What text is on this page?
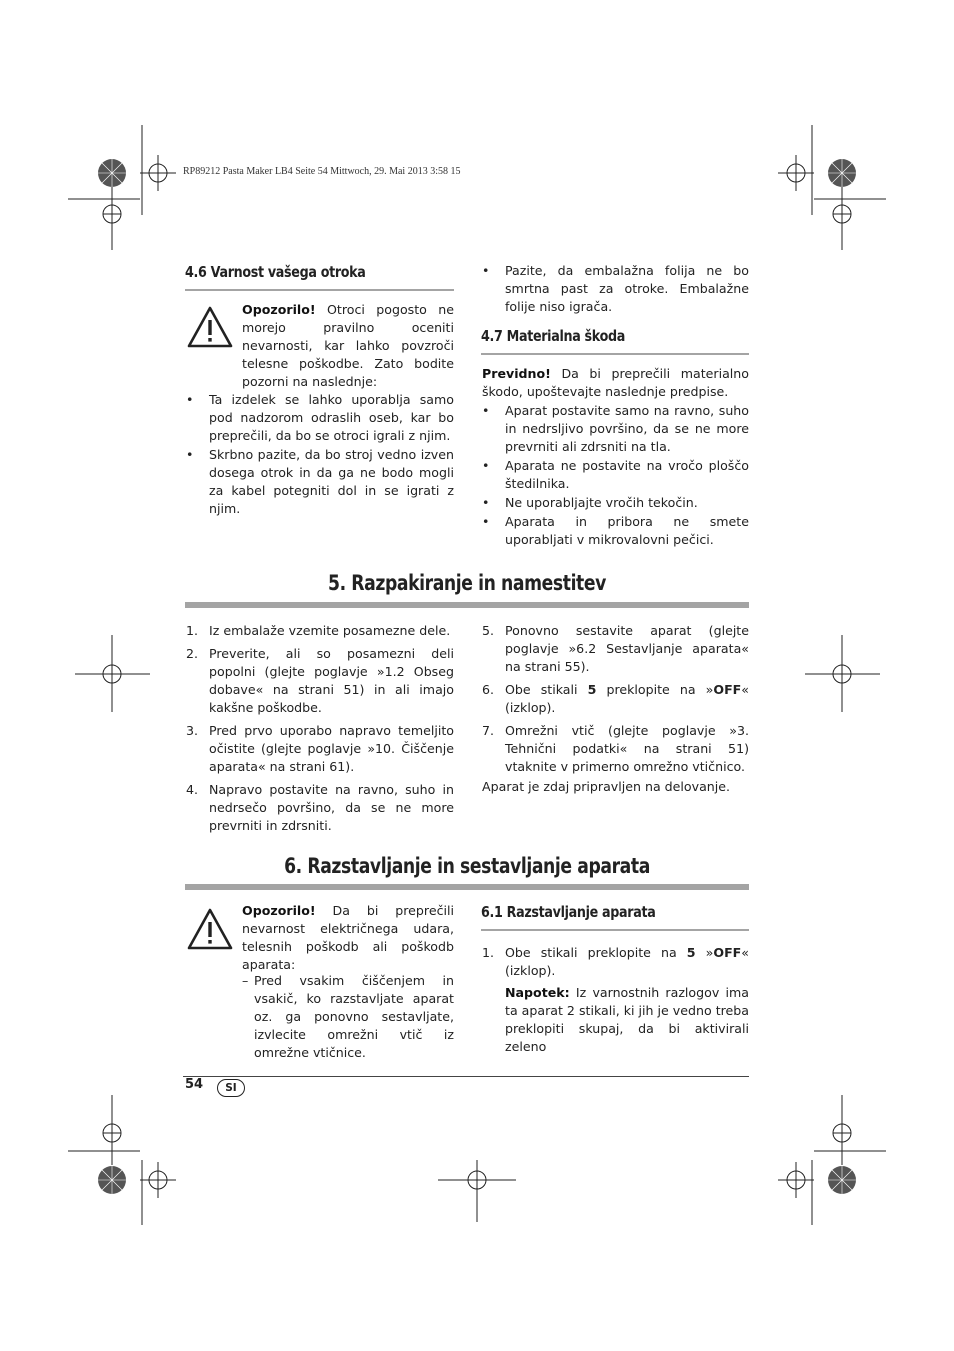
RP89212 Pasta Maker LB4 Seite 54 Mittwoch, 29. Mai 2013 3:58 15
4.6 Varnost vašega otroka
Opozorilo! Otroci pogosto ne morejo pravilno oceniti nevarnosti, kar lahko povzroči telesne poškodbe. Zato bodite pozorni na naslednje:
• Ta izdelek se lahko uporablja samo pod nadzorom odraslih oseb, kar bo preprečili, da bo se otroci igrali z njim.
• Skrbno pazite, da bo stroj vedno izven dosega otrok in da ga ne bodo mogli za kabel potegniti dol in se igrati z njim.
• Pazite, da embalažna folija ne bo smrtna past za otroke. Embalažne folije niso igrača.
4.7 Materialna škoda
Previdno! Da bi preprečili materialno škodo, upoštevajte naslednje predpise.
• Aparat postavite samo na ravno, suho in nedrsljivo površino, da se ne more prevrniti ali zdrsniti na tla.
• Aparata ne postavite na vročo ploščo štedilnika.
• Ne uporabljajte vročih tekočin.
• Aparata in pribora ne smete uporabljati v mikrovalovni pečici.
5. Razpakiranje in namestitev
1. Iz embalaže vzemite posamezne dele.
2. Preverite, ali so posamezni deli popolni (glejte poglavje »1.2 Obseg dobave« na strani 51) in ali imajo kakšne poškodbe.
3. Pred prvo uporabo napravo temeljito očistite (glejte poglavje »10. Čiščenje aparata« na strani 61).
4. Napravo postavite na ravno, suho in nedrsečo površino, da se ne more prevrniti in zdrsniti.
5. Ponovno sestavite aparat (glejte poglavje »6.2 Sestavljanje aparata« na strani 55).
6. Obe stikali 5 preklopite na »OFF« (izklop).
7. Omrežni vtič (glejte poglavje »3. Tehnični podatki« na strani 51) vtaknite v primerno omrežno vtičnico.
Aparat je zdaj pripravljen na delovanje.
6. Razstavljanje in sestavljanje aparata
Opozorilo! Da bi preprečili nevarnost električnega udara, telesnih poškodb ali poškodb aparata:
– Pred vsakim čiščenjem in vsakič, ko razstavljate aparat oz. ga ponovno sestavljate, izvlecite omrežni vtič iz omrežne vtičnice.
6.1 Razstavljanje aparata
1. Obe stikali preklopite na 5 »OFF« (izklop).
Napotek: Iz varnostnih razlogov ima ta aparat 2 stikali, ki jih je vedno treba preklopiti skupaj, da bi aktivirali zeleno
54	SI
